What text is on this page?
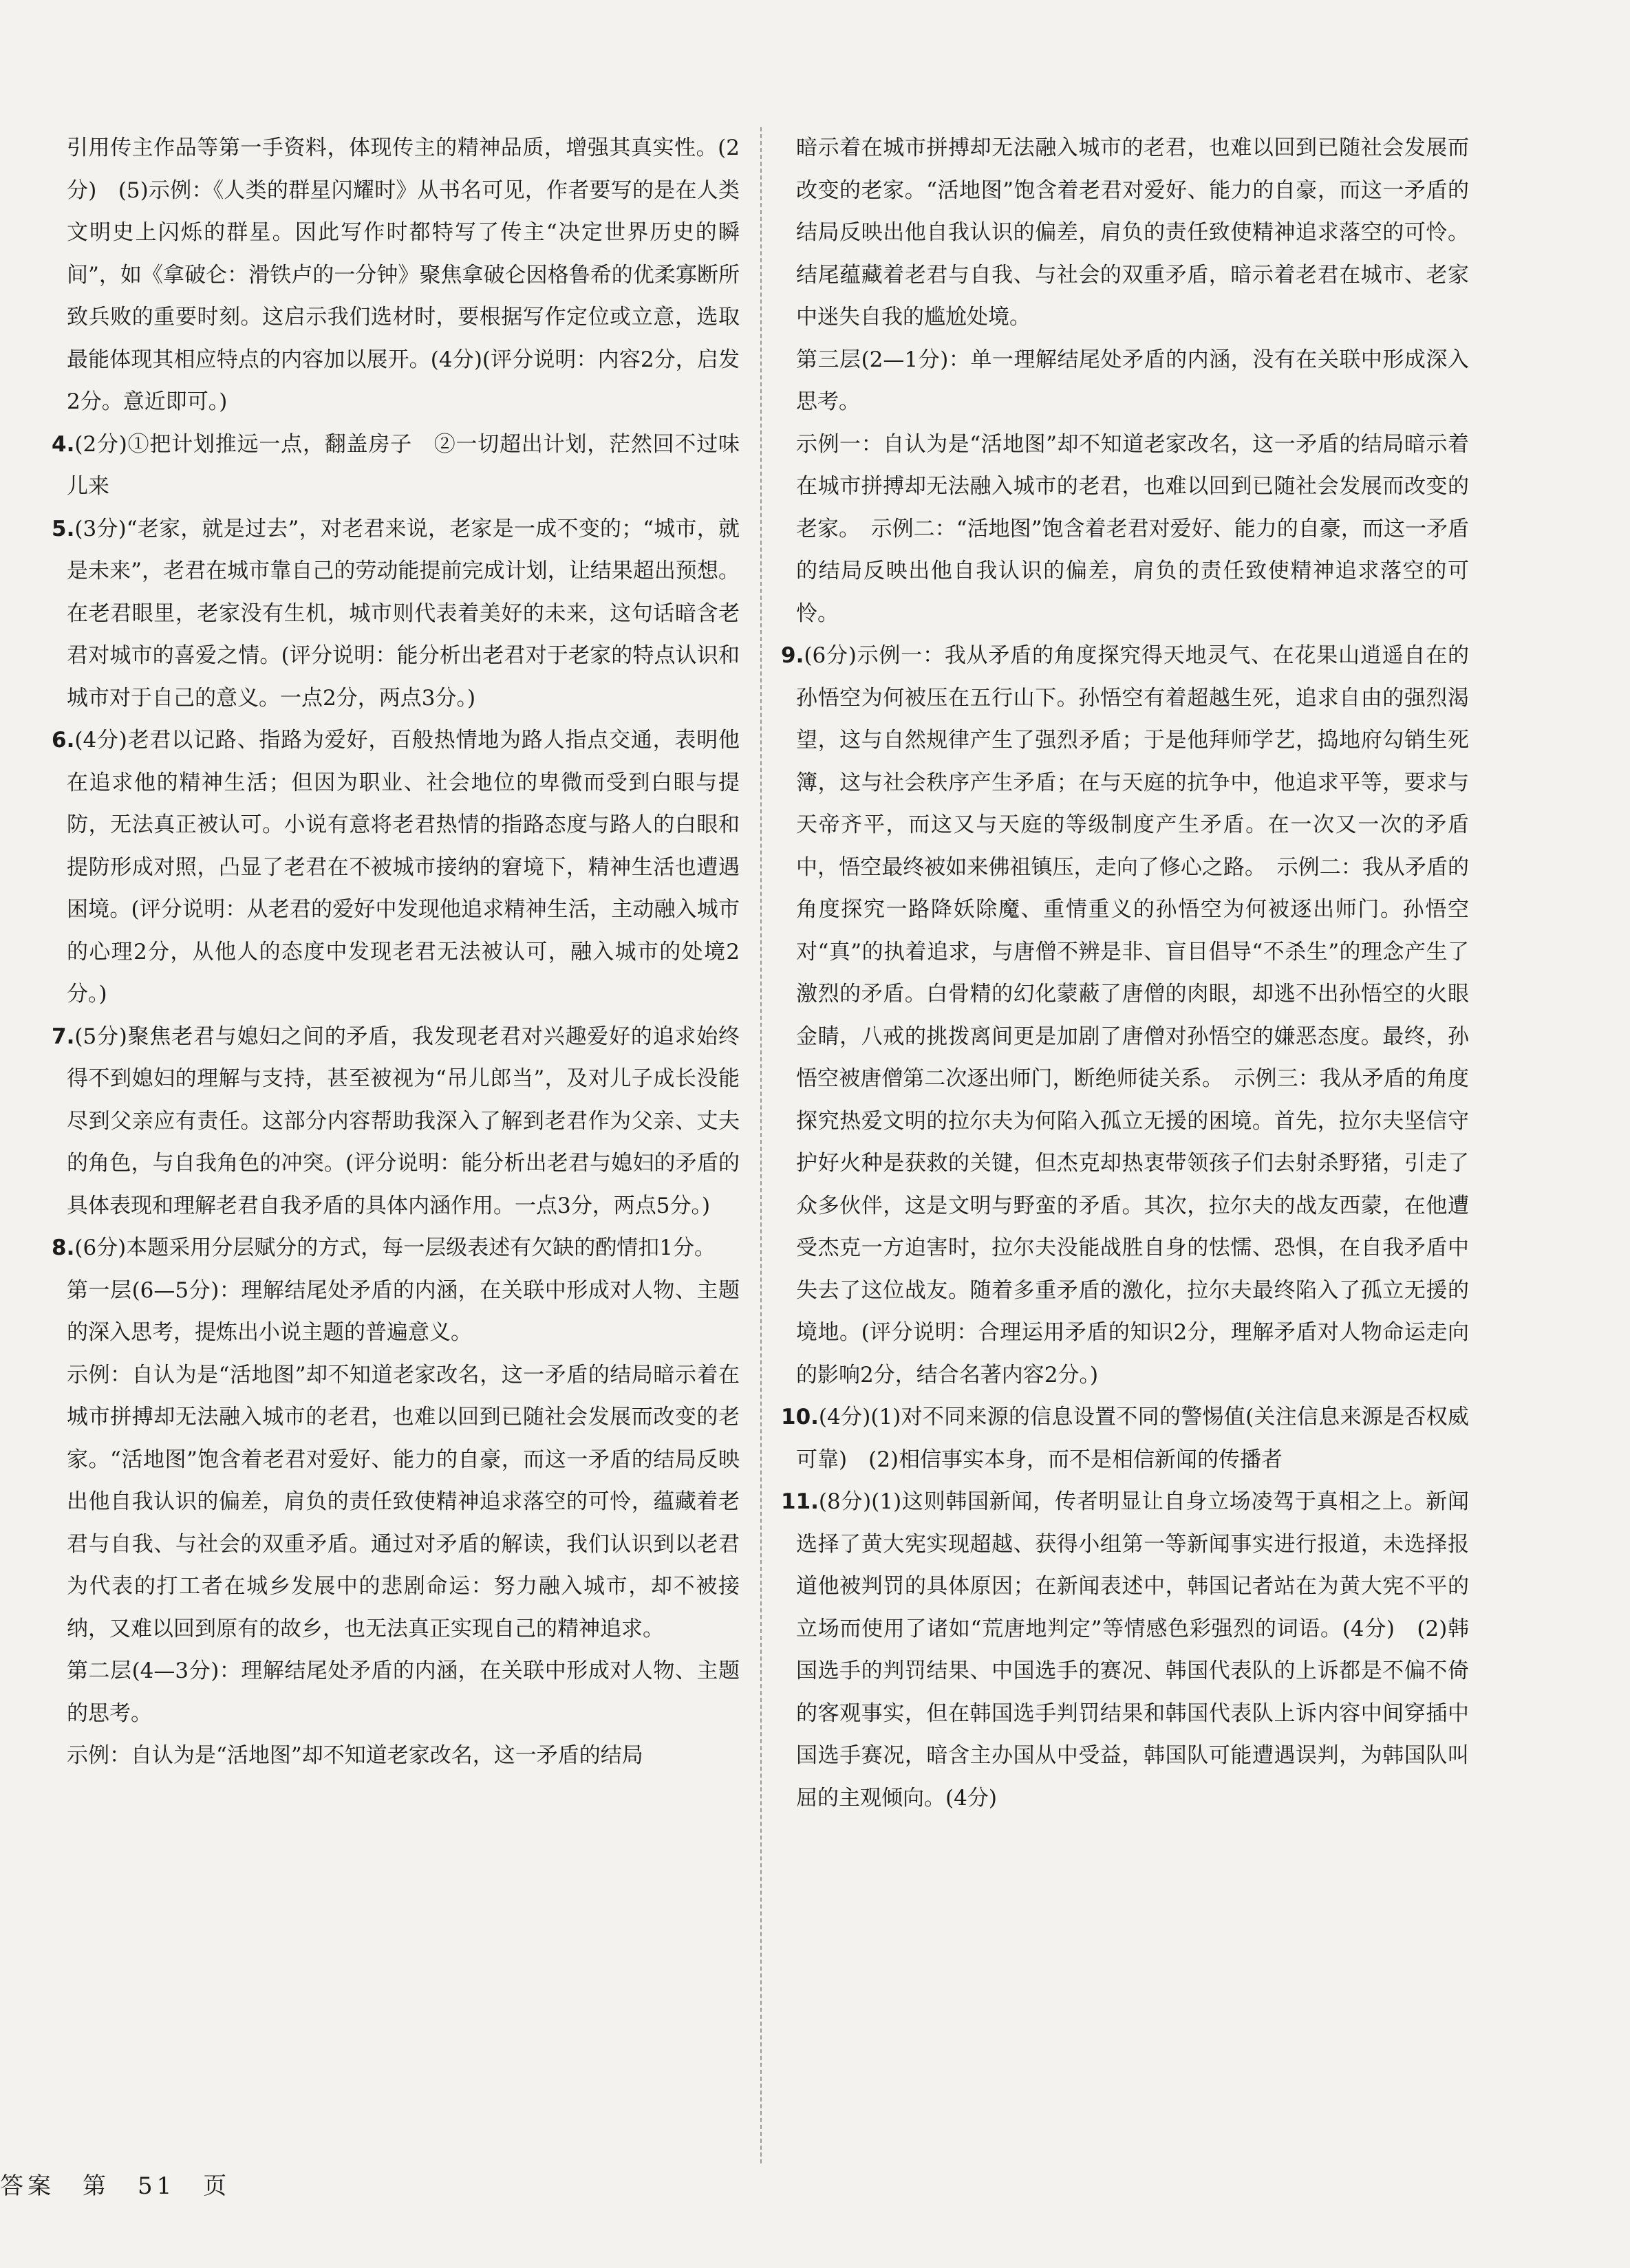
引用传主作品等第一手资料，体现传主的精神品质，增强其真实性。(2分)　(5)示例：《人类的群星闪耀时》从书名可见，作者要写的是在人类文明史上闪烁的群星。因此写作时都特写了传主“决定世界历史的瞬间”，如《拿破仑：滑铁卢的一分钟》聚焦拿破仑因格鲁希的优柔寡断所致兵败的重要时刻。这启示我们选材时，要根据写作定位或立意，选取最能体现其相应特点的内容加以展开。(4分)(评分说明：内容2分，启发2分。意近即可。)

4.(2分)①把计划推远一点，翻盖房子　②一切超出计划，茫然回不过味儿来

5.(3分)“老家，就是过去”，对老君来说，老家是一成不变的；“城市，就是未来”，老君在城市靠自己的劳动能提前完成计划，让结果超出预想。在老君眼里，老家没有生机，城市则代表着美好的未来，这句话暗含老君对城市的喜爱之情。(评分说明：能分析出老君对于老家的特点认识和城市对于自己的意义。一点2分，两点3分。)

6.(4分)老君以记路、指路为爱好，百般热情地为路人指点交通，表明他在追求他的精神生活；但因为职业、社会地位的卑微而受到白眼与提防，无法真正被认可。小说有意将老君热情的指路态度与路人的白眼和提防形成对照，凸显了老君在不被城市接纳的窘境下，精神生活也遭遇困境。(评分说明：从老君的爱好中发现他追求精神生活，主动融入城市的心理2分，从他人的态度中发现老君无法被认可，融入城市的处境2分。)

7.(5分)聚焦老君与媳妇之间的矛盾，我发现老君对兴趣爱好的追求始终得不到媳妇的理解与支持，甚至被视为“吊儿郎当”，及对儿子成长没能尽到父亲应有责任。这部分内容帮助我深入了解到老君作为父亲、丈夫的角色，与自我角色的冲突。(评分说明：能分析出老君与媳妇的矛盾的具体表现和理解老君自我矛盾的具体内涵作用。一点3分，两点5分。)

8.(6分)本题采用分层赋分的方式，每一层级表述有欠缺的酌情扣1分。

第一层(6—5分)：理解结尾处矛盾的内涵，在关联中形成对人物、主题的深入思考，提炼出小说主题的普遍意义。

示例：自认为是“活地图”却不知道老家改名，这一矛盾的结局暗示着在城市拼搏却无法融入城市的老君，也难以回到已随社会发展而改变的老家。“活地图”饱含着老君对爱好、能力的自豪，而这一矛盾的结局反映出他自我认识的偏差，肩负的责任致使精神追求落空的可怜，蕴藏着老君与自我、与社会的双重矛盾。通过对矛盾的解读，我们认识到以老君为代表的打工者在城乡发展中的悲剧命运：努力融入城市，却不被接纳，又难以回到原有的故乡，也无法真正实现自己的精神追求。

第二层(4—3分)：理解结尾处矛盾的内涵，在关联中形成对人物、主题的思考。

示例：自认为是“活地图”却不知道老家改名，这一矛盾的结局

暗示着在城市拼搏却无法融入城市的老君，也难以回到已随社会发展而改变的老家。“活地图”饱含着老君对爱好、能力的自豪，而这一矛盾的结局反映出他自我认识的偏差，肩负的责任致使精神追求落空的可怜。结尾蕴藏着老君与自我、与社会的双重矛盾，暗示着老君在城市、老家中迷失自我的尴尬处境。

第三层(2—1分)：单一理解结尾处矛盾的内涵，没有在关联中形成深入思考。

示例一：自认为是“活地图”却不知道老家改名，这一矛盾的结局暗示着在城市拼搏却无法融入城市的老君，也难以回到已随社会发展而改变的老家。　示例二：“活地图”饱含着老君对爱好、能力的自豪，而这一矛盾的结局反映出他自我认识的偏差，肩负的责任致使精神追求落空的可怜。

9.(6分)示例一：我从矛盾的角度探究得天地灵气、在花果山逍遥自在的孙悟空为何被压在五行山下。孙悟空有着超越生死，追求自由的强烈渴望，这与自然规律产生了强烈矛盾；于是他拜师学艺，捣地府勾销生死簿，这与社会秩序产生矛盾；在与天庭的抗争中，他追求平等，要求与天帝齐平，而这又与天庭的等级制度产生矛盾。在一次又一次的矛盾中，悟空最终被如来佛祖镇压，走向了修心之路。　示例二：我从矛盾的角度探究一路降妖除魔、重情重义的孙悟空为何被逐出师门。孙悟空对“真”的执着追求，与唐僧不辨是非、盲目倡导“不杀生”的理念产生了激烈的矛盾。白骨精的幻化蒙蔽了唐僧的肉眼，却逃不出孙悟空的火眼金睛，八戒的挑拨离间更是加剧了唐僧对孙悟空的嫌恶态度。最终，孙悟空被唐僧第二次逐出师门，断绝师徒关系。　示例三：我从矛盾的角度探究热爱文明的拉尔夫为何陷入孤立无援的困境。首先，拉尔夫坚信守护好火种是获救的关键，但杰克却热衷带领孩子们去射杀野猪，引走了众多伙伴，这是文明与野蛮的矛盾。其次，拉尔夫的战友西蒙，在他遭受杰克一方迫害时，拉尔夫没能战胜自身的怯懦、恐惧，在自我矛盾中失去了这位战友。随着多重矛盾的激化，拉尔夫最终陷入了孤立无援的境地。(评分说明：合理运用矛盾的知识2分，理解矛盾对人物命运走向的影响2分，结合名著内容2分。)

10.(4分)(1)对不同来源的信息设置不同的警惕值(关注信息来源是否权威可靠)　(2)相信事实本身，而不是相信新闻的传播者

11.(8分)(1)这则韩国新闻，传者明显让自身立场凌驾于真相之上。新闻选择了黄大宪实现超越、获得小组第一等新闻事实进行报道，未选择报道他被判罚的具体原因；在新闻表述中，韩国记者站在为黄大宪不平的立场而使用了诸如“荒唐地判定”等情感色彩强烈的词语。(4分)　(2)韩国选手的判罚结果、中国选手的赛况、韩国代表队的上诉都是不偏不倚的客观事实，但在韩国选手判罚结果和韩国代表队上诉内容中间穿插中国选手赛况，暗含主办国从中受益，韩国队可能遭遇误判，为韩国队叫屈的主观倾向。(4分)

答案　第　51　页
